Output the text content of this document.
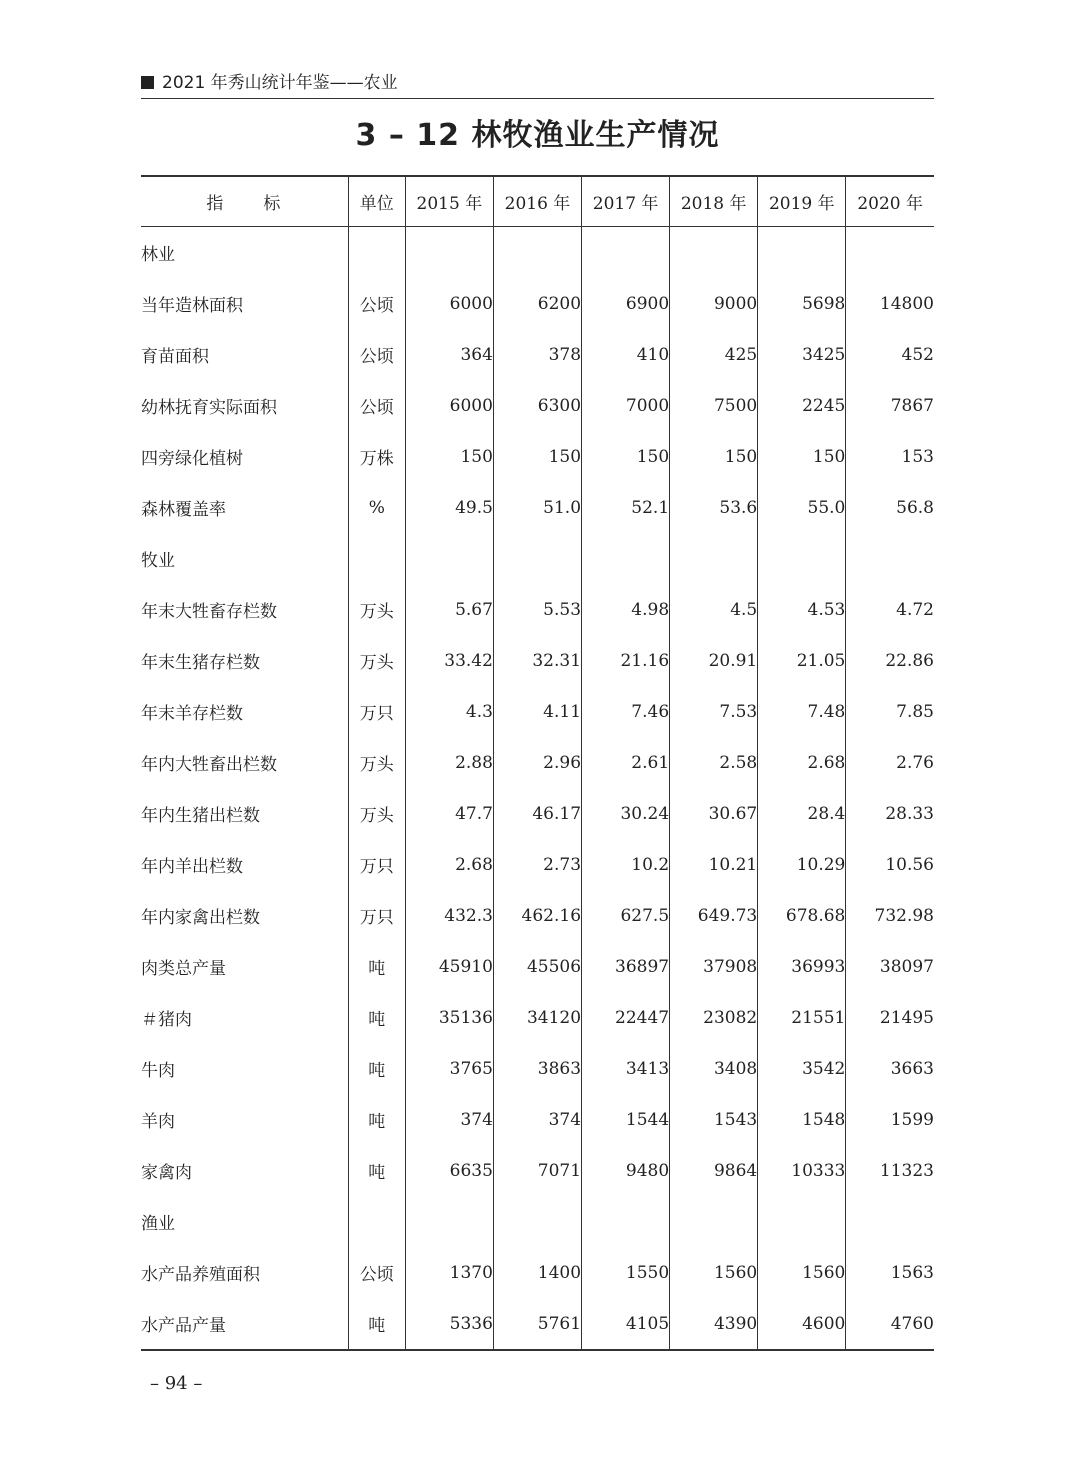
2021 年秀山统计年鉴——农业
3 – 12 林牧渔业生产情况
指　　标	单位	2015 年	2016 年	2017 年	2018 年	2019 年	2020 年
林业							
当年造林面积	公顷	6000	6200	6900	9000	5698	14800
育苗面积	公顷	364	378	410	425	3425	452
幼林抚育实际面积	公顷	6000	6300	7000	7500	2245	7867
四旁绿化植树	万株	150	150	150	150	150	153
森林覆盖率	%	49.5	51.0	52.1	53.6	55.0	56.8
牧业							
年末大牲畜存栏数	万头	5.67	5.53	4.98	4.5	4.53	4.72
年末生猪存栏数	万头	33.42	32.31	21.16	20.91	21.05	22.86
年末羊存栏数	万只	4.3	4.11	7.46	7.53	7.48	7.85
年内大牲畜出栏数	万头	2.88	2.96	2.61	2.58	2.68	2.76
年内生猪出栏数	万头	47.7	46.17	30.24	30.67	28.4	28.33
年内羊出栏数	万只	2.68	2.73	10.2	10.21	10.29	10.56
年内家禽出栏数	万只	432.3	462.16	627.5	649.73	678.68	732.98
肉类总产量	吨	45910	45506	36897	37908	36993	38097
＃猪肉	吨	35136	34120	22447	23082	21551	21495
牛肉	吨	3765	3863	3413	3408	3542	3663
羊肉	吨	374	374	1544	1543	1548	1599
家禽肉	吨	6635	7071	9480	9864	10333	11323
渔业							
水产品养殖面积	公顷	1370	1400	1550	1560	1560	1563
水产品产量	吨	5336	5761	4105	4390	4600	4760
– 94 –
